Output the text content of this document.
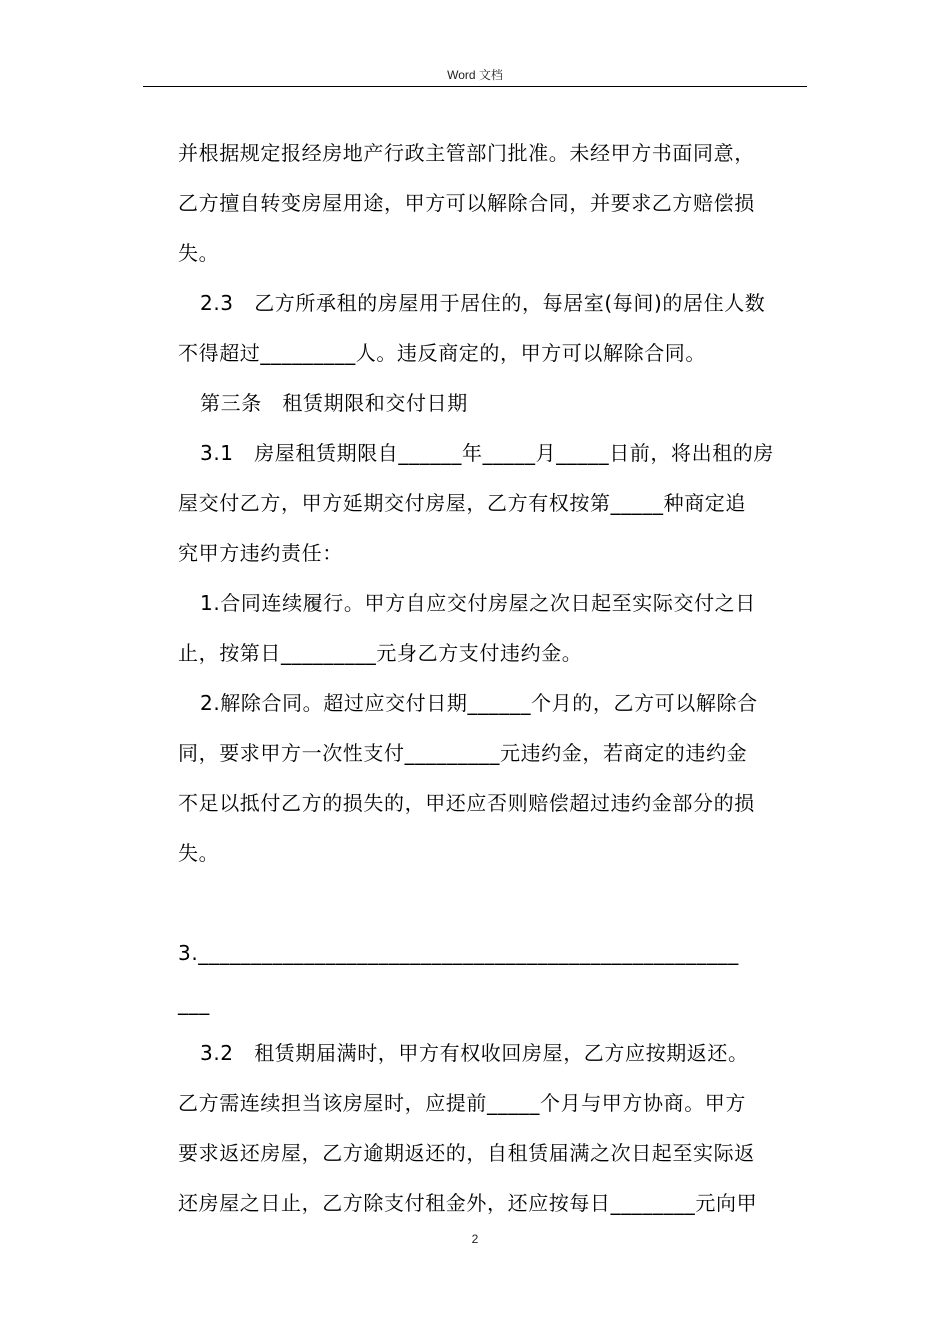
Word 文档

并根据规定报经房地产行政主管部门批准。未经甲方书面同意，

乙方擅自转变房屋用途，甲方可以解除合同，并要求乙方赔偿损

失。

2.3　乙方所承租的房屋用于居住的，每居室(每间)的居住人数

不得超过_________人。违反商定的，甲方可以解除合同。

第三条　租赁期限和交付日期

3.1　房屋租赁期限自______年_____月_____日前，将出租的房

屋交付乙方，甲方延期交付房屋，乙方有权按第_____种商定追

究甲方违约责任：

1.合同连续履行。甲方自应交付房屋之次日起至实际交付之日

止，按第日_________元身乙方支付违约金。

2.解除合同。超过应交付日期______个月的，乙方可以解除合

同，要求甲方一次性支付_________元违约金，若商定的违约金

不足以抵付乙方的损失的，甲还应否则赔偿超过违约金部分的损

失。

3.___________________________________________________

___

3.2　租赁期届满时，甲方有权收回房屋，乙方应按期返还。

乙方需连续担当该房屋时，应提前_____个月与甲方协商。甲方

要求返还房屋，乙方逾期返还的，自租赁届满之次日起至实际返

还房屋之日止，乙方除支付租金外，还应按每日________元向甲

2
